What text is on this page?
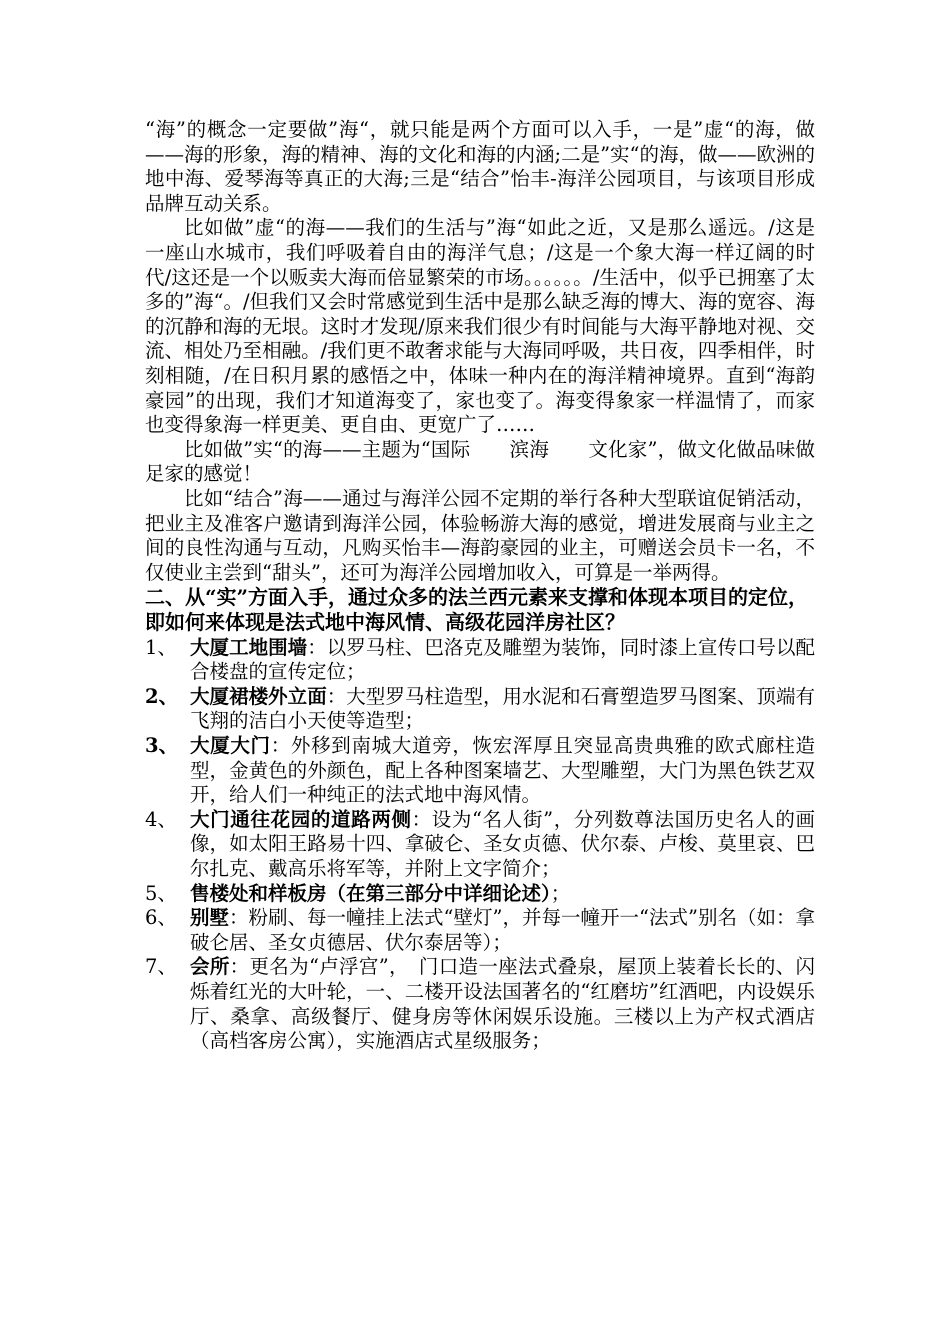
“海”的概念一定要做”海“，就只能是两个方面可以入手，一是”虚“的海，做——海的形象，海的精神、海的文化和海的内涵;二是”实“的海，做——欧洲的地中海、爱琴海等真正的大海;三是“结合”怡丰-海洋公园项目，与该项目形成品牌互动关系。

比如做”虚“的海——我们的生活与”海“如此之近，又是那么遥远。/这是一座山水城市，我们呼吸着自由的海洋气息；/这是一个象大海一样辽阔的时代/这还是一个以贩卖大海而倍显繁荣的市场。。。。。。/生活中，似乎已拥塞了太多的”海“。/但我们又会时常感觉到生活中是那么缺乏海的博大、海的宽容、海的沉静和海的无垠。这时才发现/原来我们很少有时间能与大海平静地对视、交流、相处乃至相融。/我们更不敢奢求能与大海同呼吸，共日夜，四季相伴，时刻相随，/在日积月累的感悟之中，体味一种内在的海洋精神境界。直到“海韵豪园”的出现，我们才知道海变了，家也变了。海变得象家一样温情了，而家也变得象海一样更美、更自由、更宽广了……

比如做”实“的海——主题为“国际　　滨海　　文化家”，做文化做品味做足家的感觉！

比如“结合”海——通过与海洋公园不定期的举行各种大型联谊促销活动，把业主及准客户邀请到海洋公园，体验畅游大海的感觉，增进发展商与业主之间的良性沟通与互动，凡购买怡丰—海韵豪园的业主，可赠送会员卡一名，不仅使业主尝到“甜头”，还可为海洋公园增加收入，可算是一举两得。

二、从“实”方面入手，通过众多的法兰西元素来支撑和体现本项目的定位，即如何来体现是法式地中海风情、高级花园洋房社区？

1、 大厦工地围墙：以罗马柱、巴洛克及雕塑为装饰，同时漆上宣传口号以配合楼盘的宣传定位；
2、 大厦裙楼外立面：大型罗马柱造型，用水泥和石膏塑造罗马图案、顶端有飞翔的洁白小天使等造型；
3、 大厦大门：外移到南城大道旁，恢宏浑厚且突显高贵典雅的欧式廊柱造型，金黄色的外颜色，配上各种图案墙艺、大型雕塑，大门为黑色铁艺双开，给人们一种纯正的法式地中海风情。
4、 大门通往花园的道路两侧：设为“名人街”，分列数尊法国历史名人的画像，如太阳王路易十四、拿破仑、圣女贞德、伏尔泰、卢梭、莫里哀、巴尔扎克、戴高乐将军等，并附上文字简介；
5、 售楼处和样板房（在第三部分中详细论述）；
6、 别墅：粉刷、每一幢挂上法式“壁灯”，并每一幢开一“法式”别名（如：拿破仑居、圣女贞德居、伏尔泰居等）；
7、 会所：更名为“卢浮宫”，　门口造一座法式叠泉，屋顶上装着长长的、闪烁着红光的大叶轮，一、二楼开设法国著名的“红磨坊”红酒吧，内设娱乐厅、桑拿、高级餐厅、健身房等休闲娱乐设施。三楼以上为产权式酒店（高档客房公寓），实施酒店式星级服务；
